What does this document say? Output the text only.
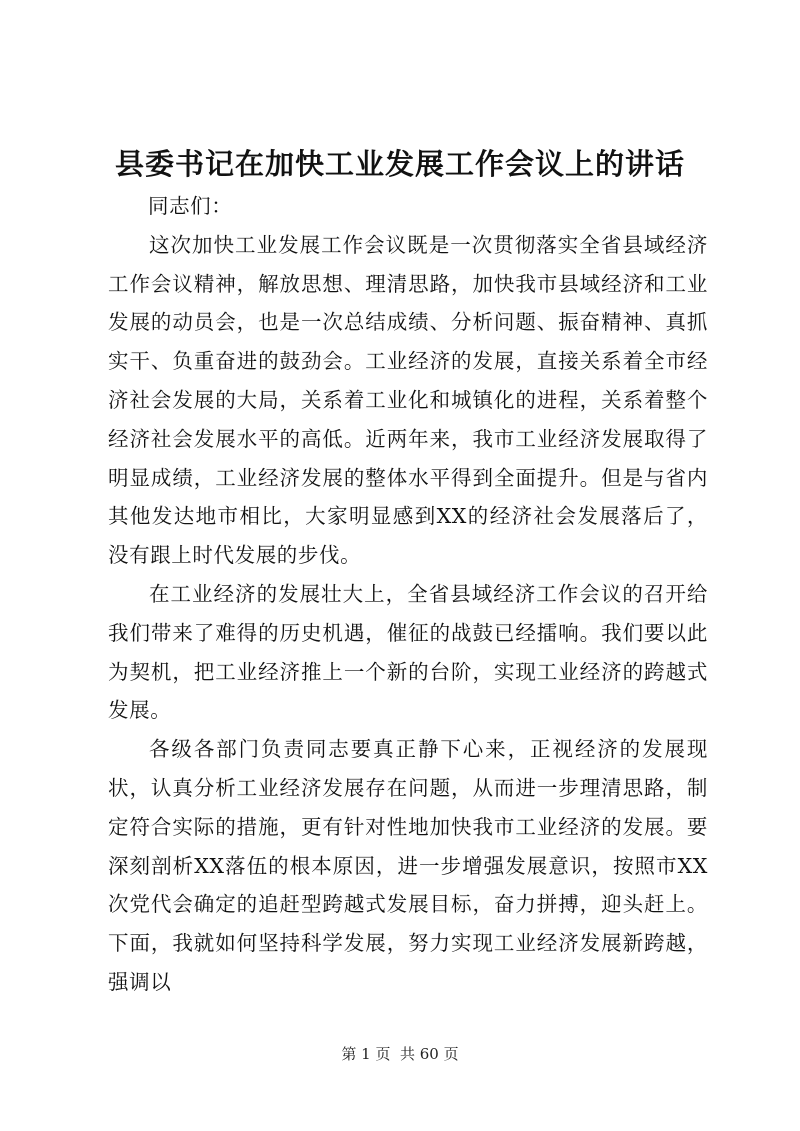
县委书记在加快工业发展工作会议上的讲话

同志们：

这次加快工业发展工作会议既是一次贯彻落实全省县域经济工作会议精神，解放思想、理清思路，加快我市县域经济和工业发展的动员会，也是一次总结成绩、分析问题、振奋精神、真抓实干、负重奋进的鼓劲会。工业经济的发展，直接关系着全市经济社会发展的大局，关系着工业化和城镇化的进程，关系着整个经济社会发展水平的高低。近两年来，我市工业经济发展取得了明显成绩，工业经济发展的整体水平得到全面提升。但是与省内其他发达地市相比，大家明显感到XX的经济社会发展落后了，没有跟上时代发展的步伐。

在工业经济的发展壮大上，全省县域经济工作会议的召开给我们带来了难得的历史机遇，催征的战鼓已经擂响。我们要以此为契机，把工业经济推上一个新的台阶，实现工业经济的跨越式发展。

各级各部门负责同志要真正静下心来，正视经济的发展现状，认真分析工业经济发展存在问题，从而进一步理清思路，制定符合实际的措施，更有针对性地加快我市工业经济的发展。要深刻剖析XX落伍的根本原因，进一步增强发展意识，按照市XX次党代会确定的追赶型跨越式发展目标，奋力拼搏，迎头赶上。下面，我就如何坚持科学发展，努力实现工业经济发展新跨越，强调以

第 1 页  共 60 页
